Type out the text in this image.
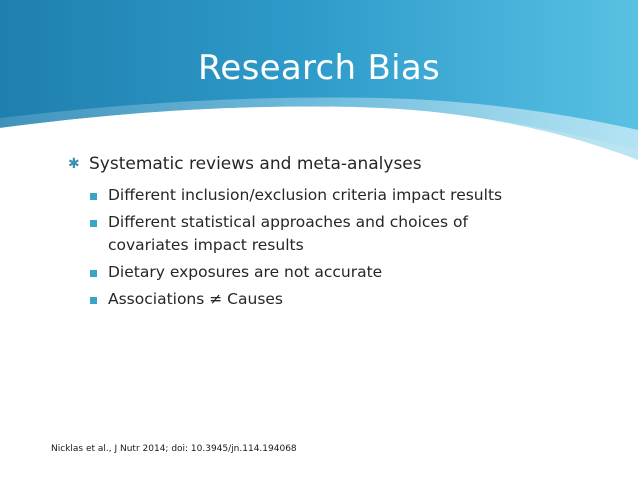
Research Bias
✱ Systematic reviews and meta-analyses
Different inclusion/exclusion criteria impact results
Different statistical approaches and choices of
covariates impact results
Dietary exposures are not accurate
Associations ≠ Causes
Nicklas et al., J Nutr 2014; doi: 10.3945/jn.114.194068
